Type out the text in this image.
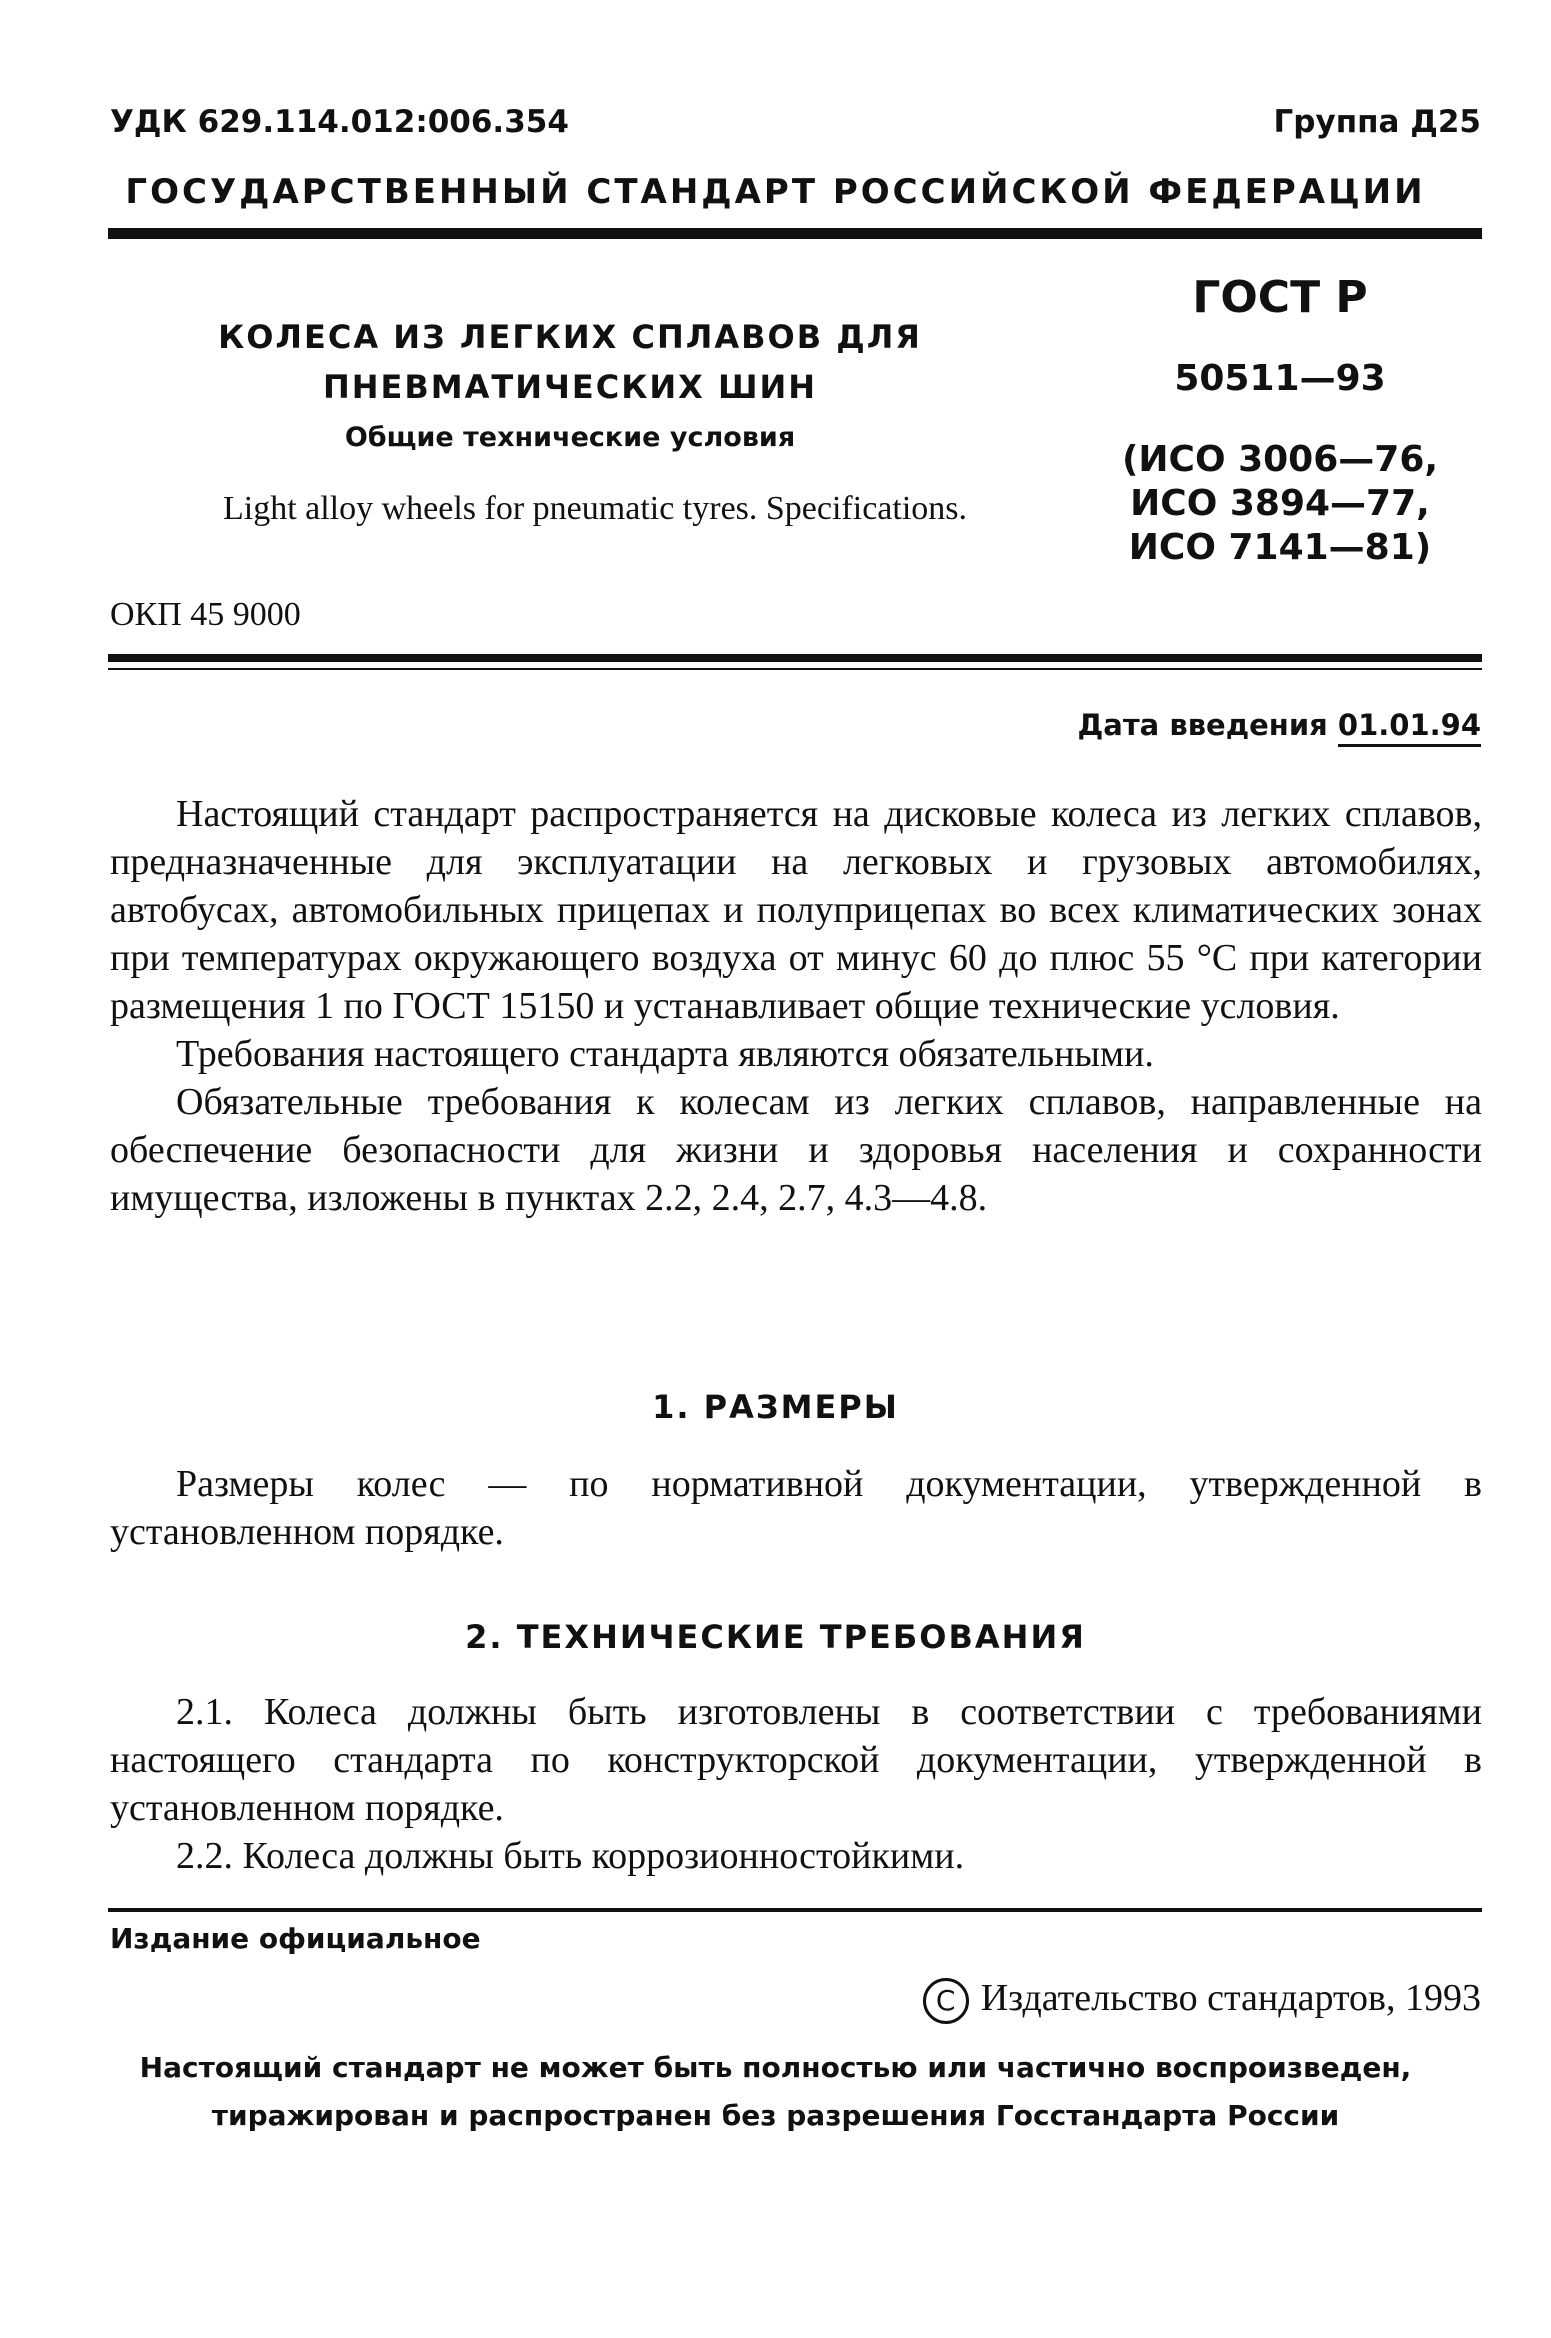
УДК 629.114.012:006.354	Группа Д25
ГОСУДАРСТВЕННЫЙ СТАНДАРТ РОССИЙСКОЙ ФЕДЕРАЦИИ
КОЛЕСА ИЗ ЛЕГКИХ СПЛАВОВ ДЛЯ
ПНЕВМАТИЧЕСКИХ ШИН
Общие технические условия
Light alloy wheels for pneumatic tyres. Specifications.
ОКП 45 9000
ГОСТ Р
50511—93
(ИСО 3006—76,
ИСО 3894—77,
ИСО 7141—81)
Дата введения 01.01.94

Настоящий стандарт распространяется на дисковые колеса из легких сплавов, предназначенные для эксплуатации на легковых и грузовых автомобилях, автобусах, автомобильных прицепах и полуприцепах во всех климатических зонах при температурах окружающего воздуха от минус 60 до плюс 55 °С при категории размещения 1 по ГОСТ 15150 и устанавливает общие технические условия.

Требования настоящего стандарта являются обязательными.

Обязательные требования к колесам из легких сплавов, направленные на обеспечение безопасности для жизни и здоровья населения и сохранности имущества, изложены в пунктах 2.2, 2.4, 2.7, 4.3—4.8.

1. РАЗМЕРЫ

Размеры колес — по нормативной документации, утвержденной в установленном порядке.

2. ТЕХНИЧЕСКИЕ ТРЕБОВАНИЯ

2.1. Колеса должны быть изготовлены в соответствии с требованиями настоящего стандарта по конструкторской документации, утвержденной в установленном порядке.

2.2. Колеса должны быть коррозионностойкими.

Издание официальное
C Издательство стандартов, 1993
Настоящий стандарт не может быть полностью или частично воспроизведен,
тиражирован и распространен без разрешения Госстандарта России
